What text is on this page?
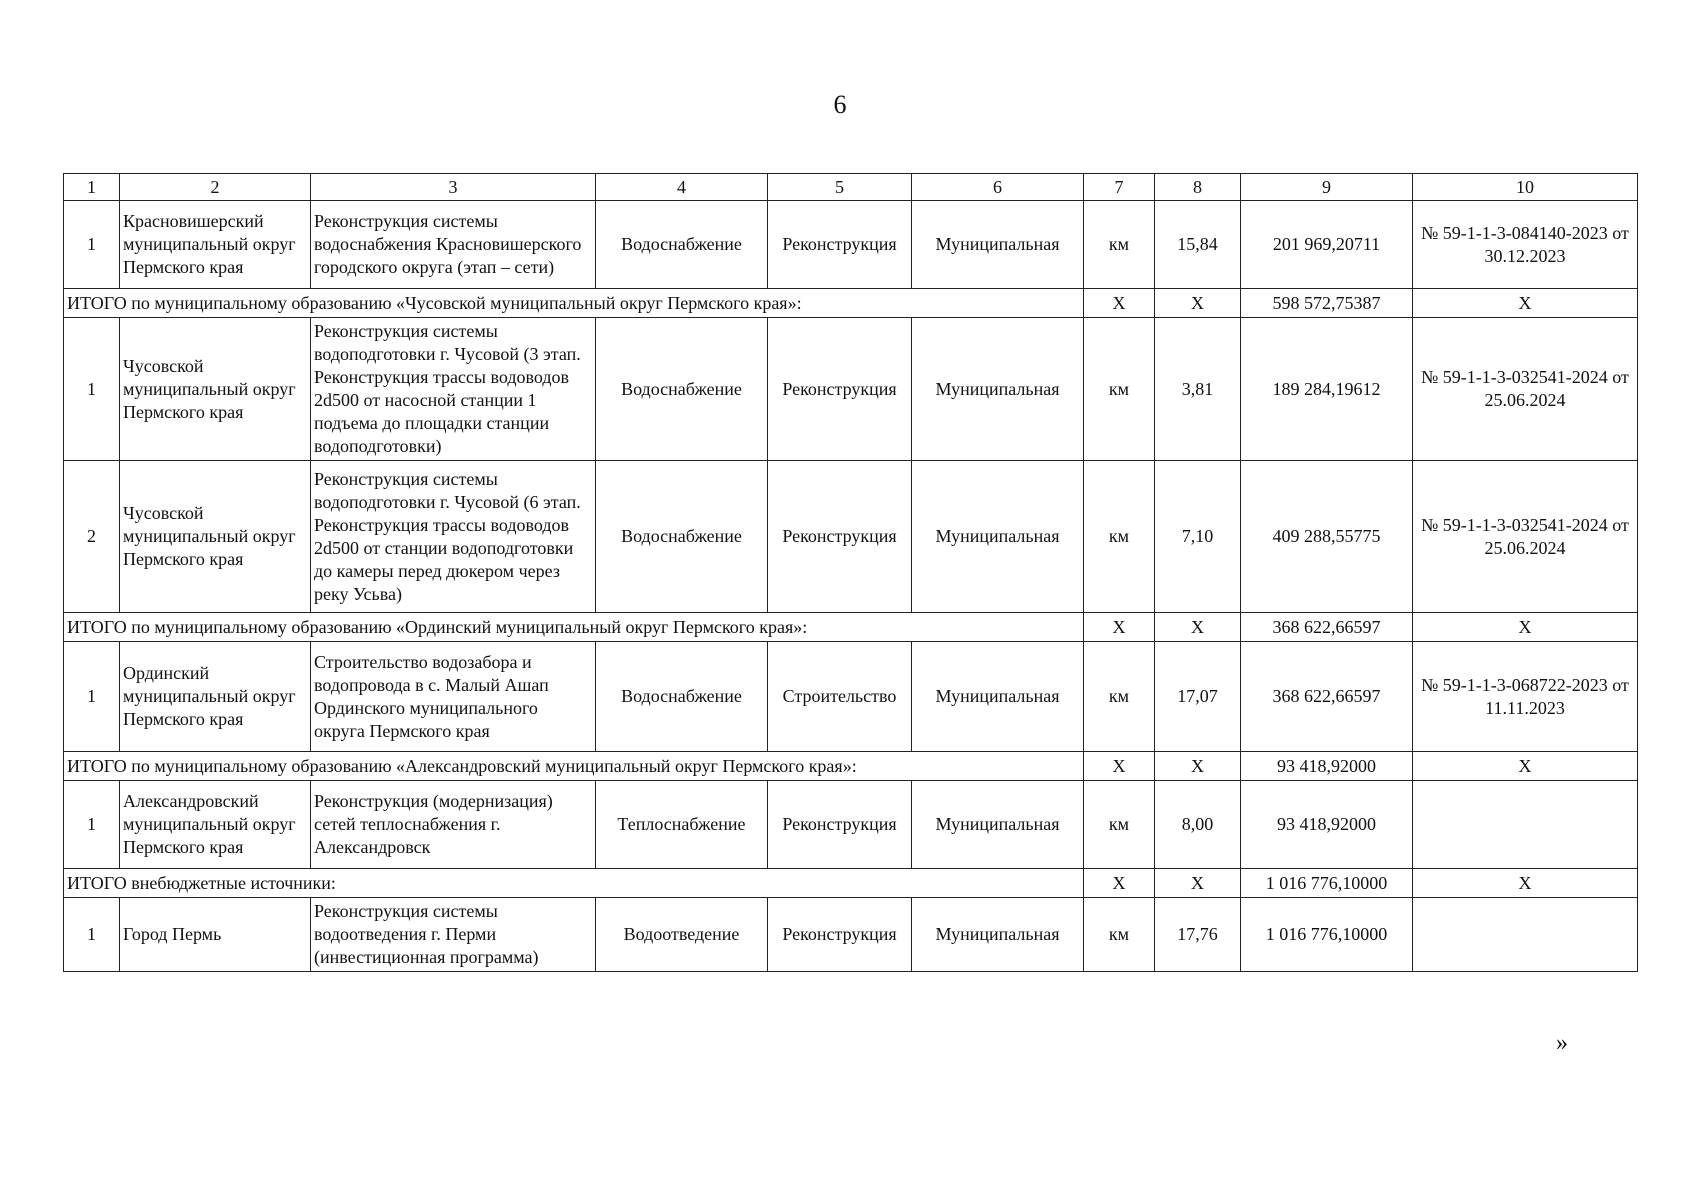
6
1	2	3	4	5	6	7	8	9	10
1	Красновишерский муниципальный округ Пермского края	Реконструкция системы водоснабжения Красновишерского городского округа (этап – сети)	Водоснабжение	Реконструкция	Муниципальная	км	15,84	201 969,20711	№ 59-1-1-3-084140-2023 от 30.12.2023
ИТОГО по муниципальному образованию «Чусовской муниципальный округ Пермского края»:						X	X	598 572,75387	X
1	Чусовской муниципальный округ Пермского края	Реконструкция системы водоподготовки г. Чусовой (3 этап. Реконструкция трассы водоводов 2d500 от насосной станции 1 подъема до площадки станции водоподготовки)	Водоснабжение	Реконструкция	Муниципальная	км	3,81	189 284,19612	№ 59-1-1-3-032541-2024 от 25.06.2024
2	Чусовской муниципальный округ Пермского края	Реконструкция системы водоподготовки г. Чусовой (6 этап. Реконструкция трассы водоводов 2d500 от станции водоподготовки до камеры перед дюкером через реку Усьва)	Водоснабжение	Реконструкция	Муниципальная	км	7,10	409 288,55775	№ 59-1-1-3-032541-2024 от 25.06.2024
ИТОГО по муниципальному образованию «Ординский муниципальный округ Пермского края»:						X	X	368 622,66597	X
1	Ординский муниципальный округ Пермского края	Строительство водозабора и водопровода в с. Малый Ашап Ординского муниципального округа Пермского края	Водоснабжение	Строительство	Муниципальная	км	17,07	368 622,66597	№ 59-1-1-3-068722-2023 от 11.11.2023
ИТОГО по муниципальному образованию «Александровский муниципальный округ Пермского края»:						X	X	93 418,92000	X
1	Александровский муниципальный округ Пермского края	Реконструкция (модернизация) сетей теплоснабжения г. Александровск	Теплоснабжение	Реконструкция	Муниципальная	км	8,00	93 418,92000	
ИТОГО внебюджетные источники:						X	X	1 016 776,10000	X
1	Город Пермь	Реконструкция системы водоотведения г. Перми (инвестиционная программа)	Водоотведение	Реконструкция	Муниципальная	км	17,76	1 016 776,10000	
»
